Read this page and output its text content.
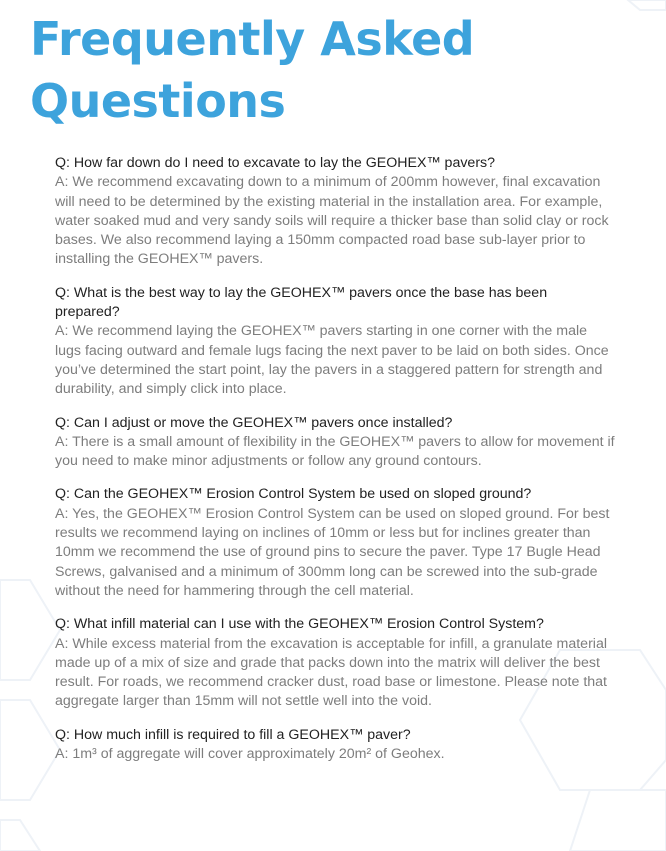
Frequently Asked Questions

Q: How far down do I need to excavate to lay the GEOHEX™ pavers?

A: We recommend excavating down to a minimum of 200mm however, final excavation will need to be determined by the existing material in the installation area. For example, water soaked mud and very sandy soils will require a thicker base than solid clay or rock bases. We also recommend laying a 150mm compacted road base sub-layer prior to installing the GEOHEX™ pavers.

Q: What is the best way to lay the GEOHEX™ pavers once the base has been prepared?

A: We recommend laying the GEOHEX™ pavers starting in one corner with the male lugs facing outward and female lugs facing the next paver to be laid on both sides. Once you’ve determined the start point, lay the pavers in a staggered pattern for strength and durability, and simply click into place.

Q: Can I adjust or move the GEOHEX™ pavers once installed?

A: There is a small amount of flexibility in the GEOHEX™ pavers to allow for movement if you need to make minor adjustments or follow any ground contours.

Q: Can the GEOHEX™ Erosion Control System be used on sloped ground?

A: Yes, the GEOHEX™ Erosion Control System can be used on sloped ground. For best results we recommend laying on inclines of 10mm or less but for inclines greater than 10mm we recommend the use of ground pins to secure the paver. Type 17 Bugle Head Screws, galvanised and a minimum of 300mm long can be screwed into the sub-grade without the need for hammering through the cell material.

Q: What infill material can I use with the GEOHEX™ Erosion Control System?

A: While excess material from the excavation is acceptable for infill, a granulate material made up of a mix of size and grade that packs down into the matrix will deliver the best result. For roads, we recommend cracker dust, road base or limestone. Please note that aggregate larger than 15mm will not settle well into the void.

Q: How much infill is required to fill a GEOHEX™ paver?

A: 1m³ of aggregate will cover approximately 20m² of Geohex.
